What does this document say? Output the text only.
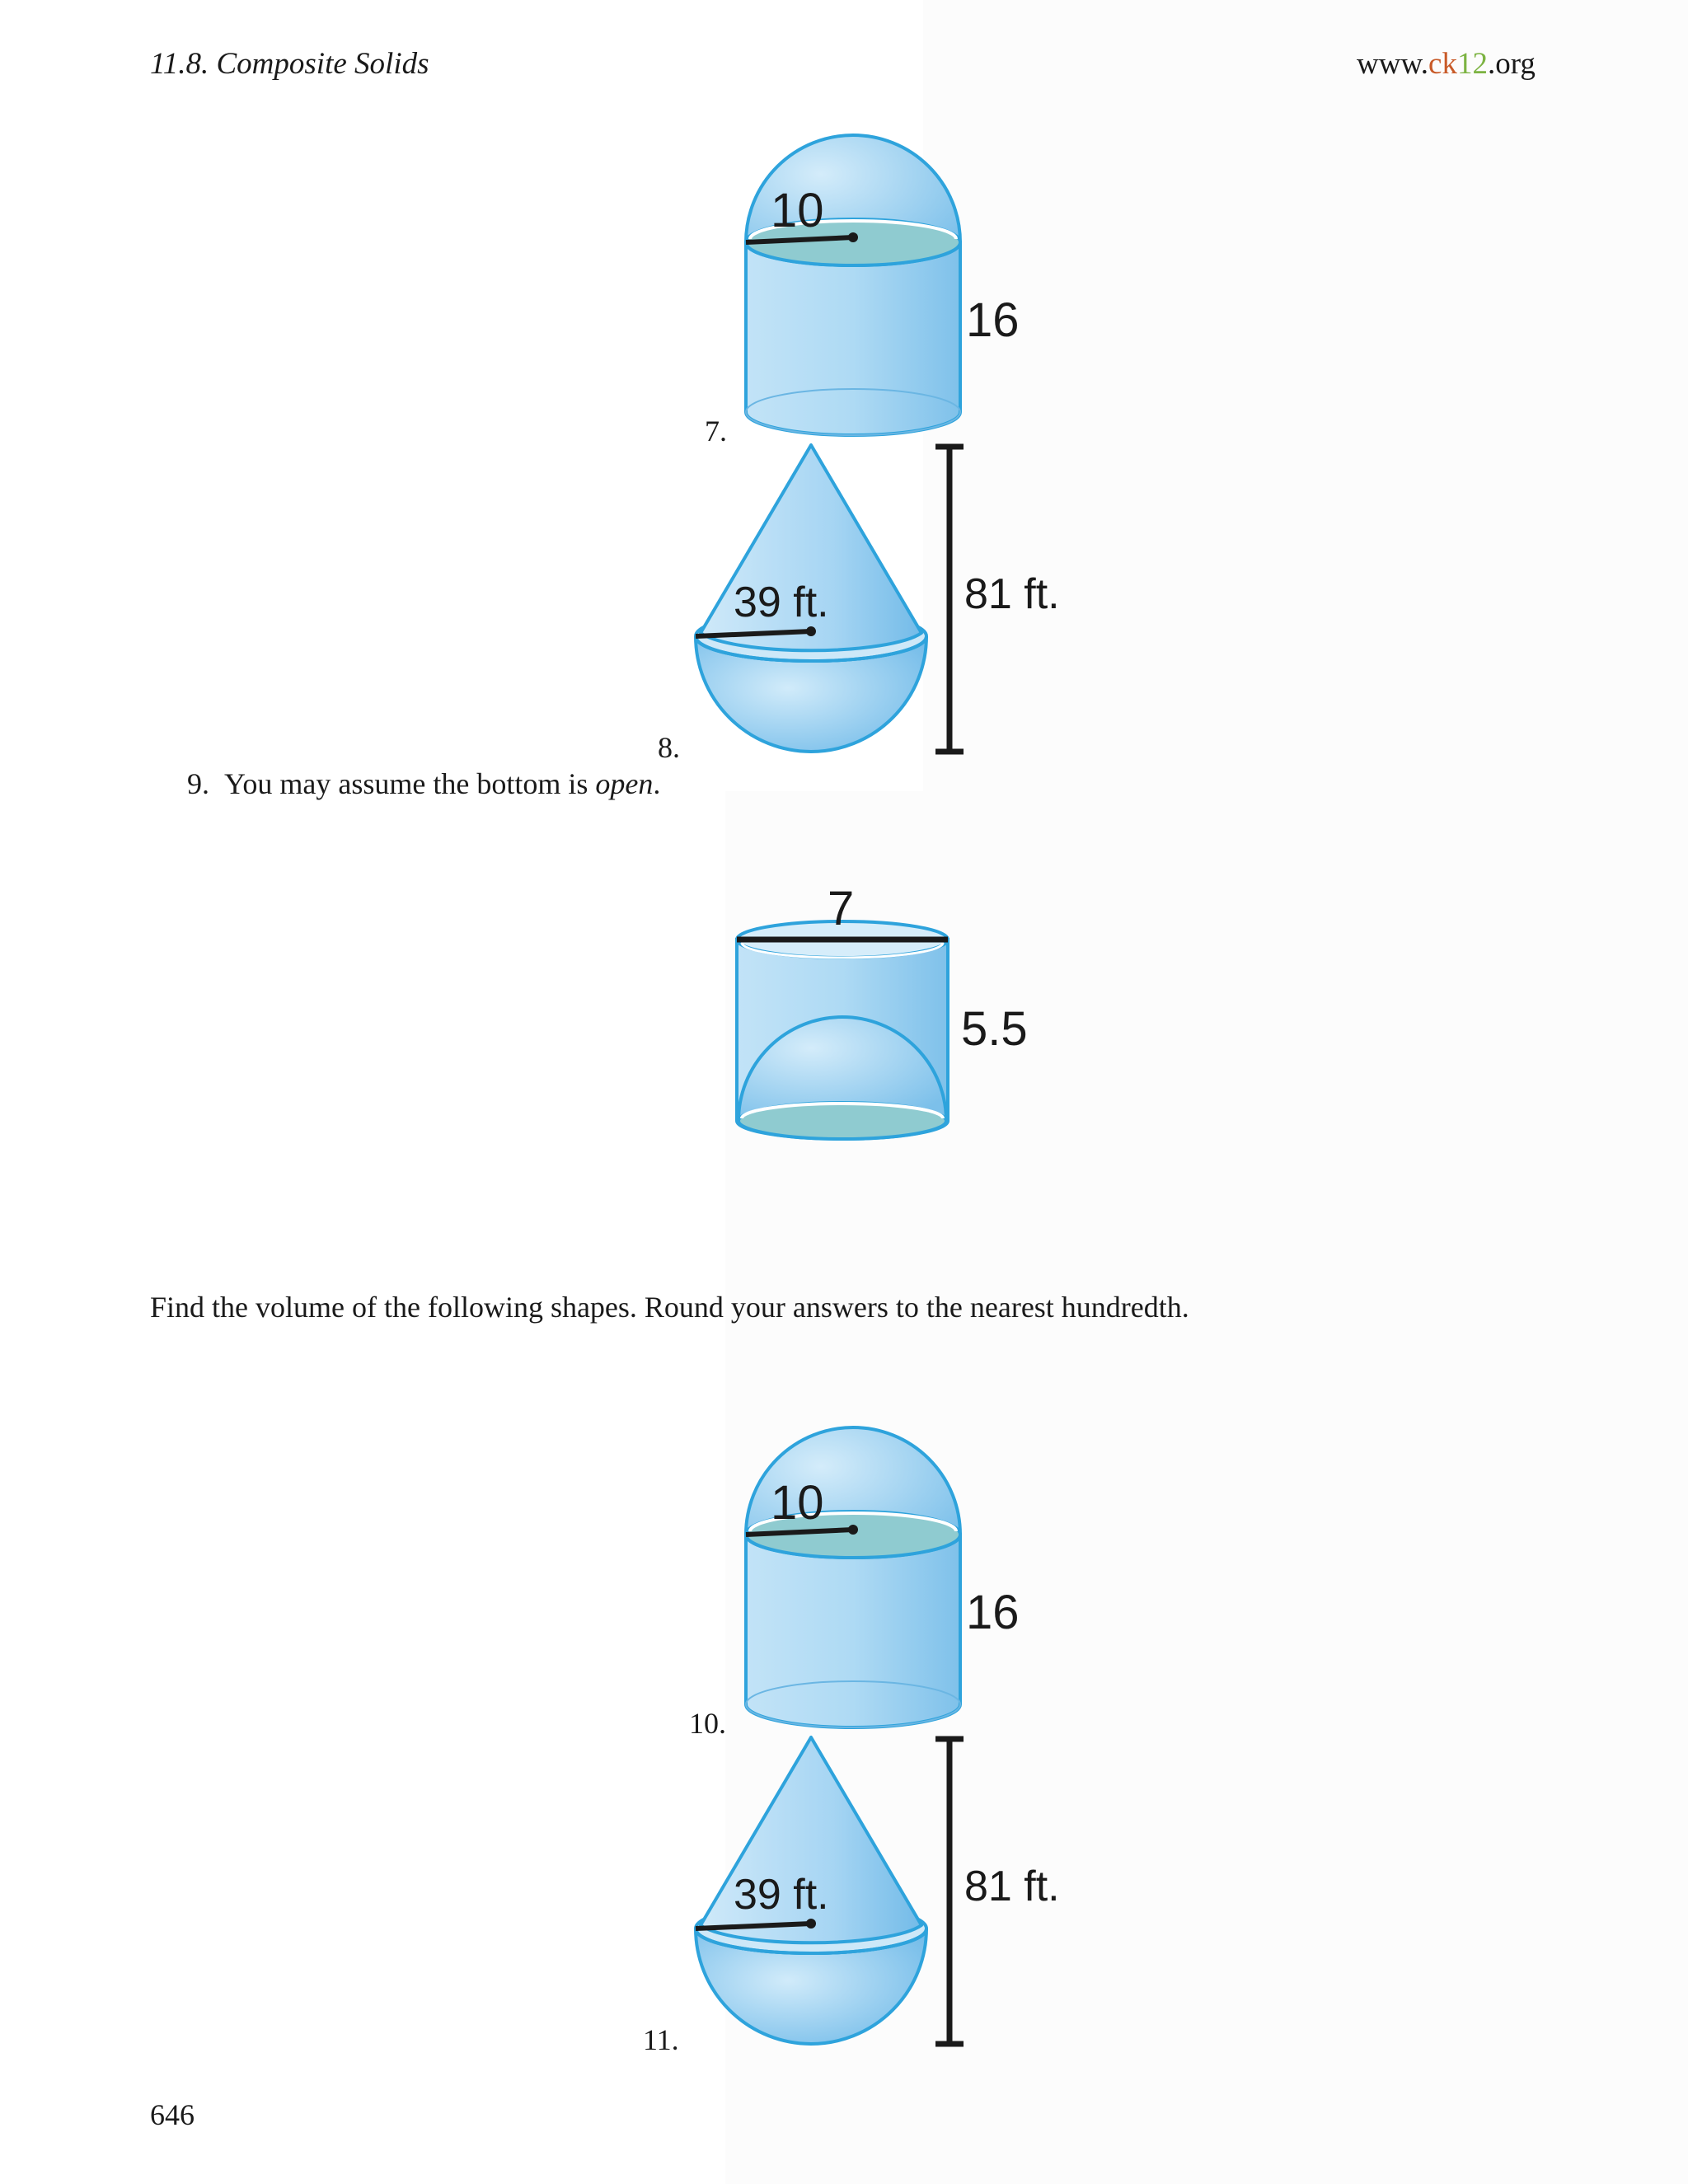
11.8. Composite Solids	www.ck12.org
7.
10
16
8.
39 ft.	81 ft.
9. You may assume the bottom is open.
7
5.5
Find the volume of the following shapes. Round your answers to the nearest hundredth.
10.
10
16
11.
39 ft.	81 ft.
646
